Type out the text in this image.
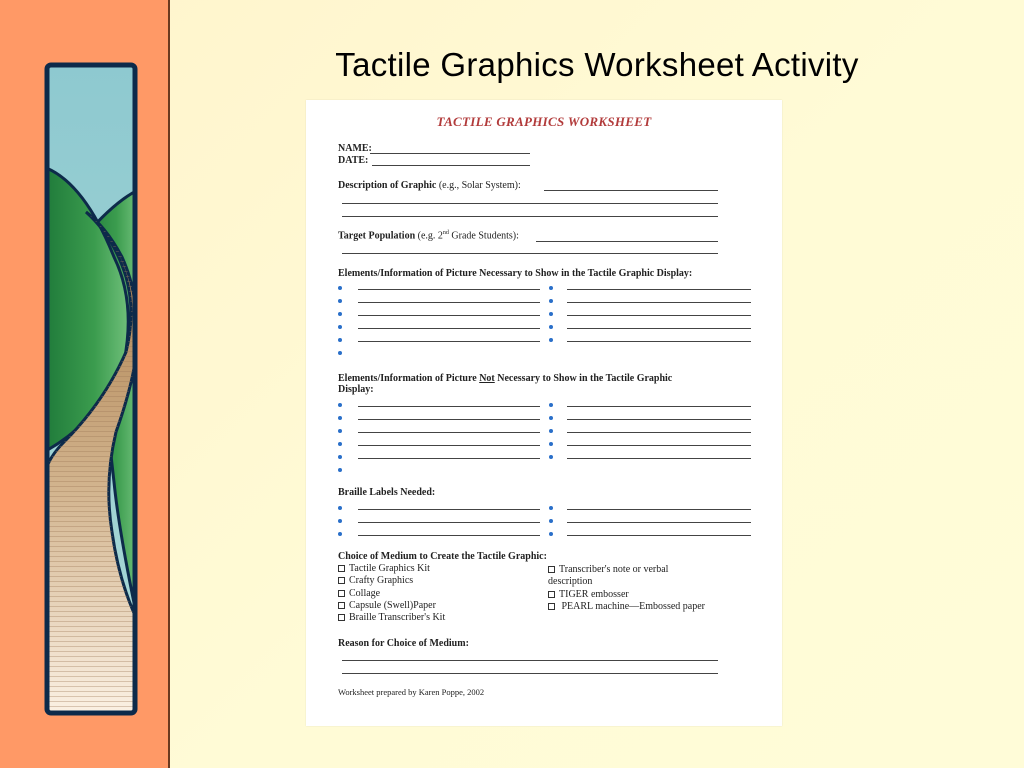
Tactile Graphics Worksheet Activity
TACTILE GRAPHICS WORKSHEET
NAME:
DATE:
Description of Graphic (e.g., Solar System):
Target Population (e.g. 2nd Grade Students):
Elements/Information of Picture Necessary to Show in the Tactile Graphic Display:
Elements/Information of Picture Not Necessary to Show in the Tactile Graphic
Display:
Braille Labels Needed:
Choice of Medium to Create the Tactile Graphic:
Tactile Graphics Kit
Crafty Graphics
Collage
Capsule (Swell)Paper
Braille Transcriber's Kit
Transcriber's note or verbal
description
TIGER embosser
PEARL machine—Embossed paper
Reason for Choice of Medium:
Worksheet prepared by Karen Poppe, 2002
